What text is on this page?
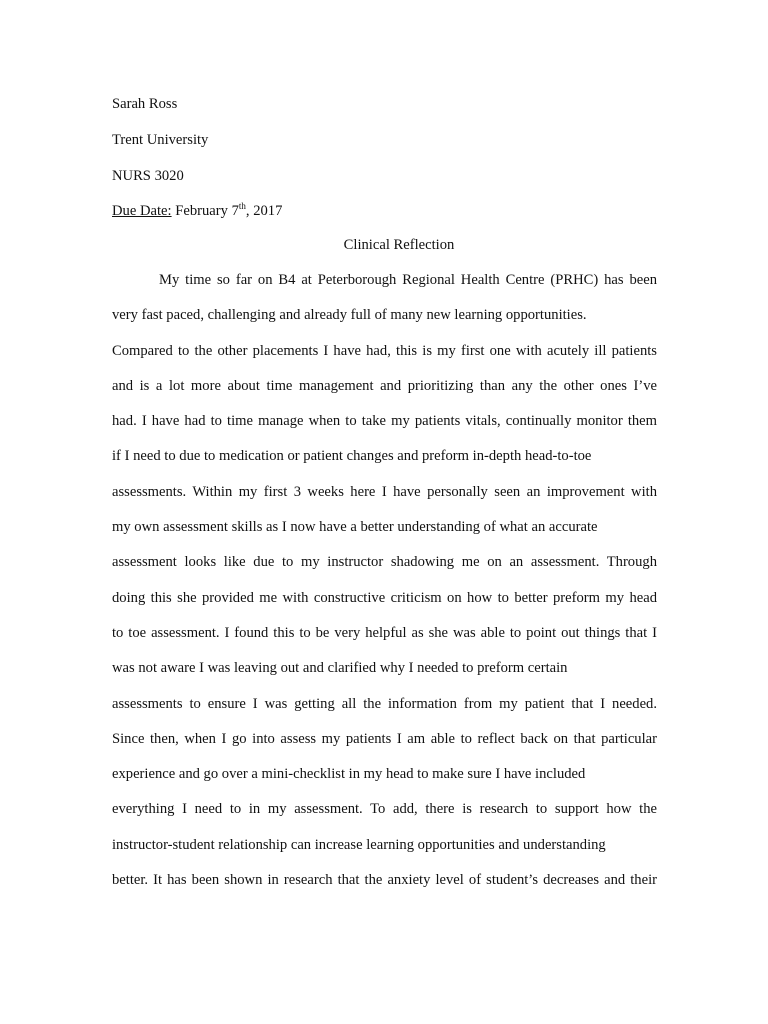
Sarah Ross
Trent University
NURS 3020
Due Date: February 7th, 2017
Clinical Reflection
My time so far on B4 at Peterborough Regional Health Centre (PRHC) has been
very fast paced, challenging and already full of many new learning opportunities.
Compared to the other placements I have had, this is my first one with acutely ill patients
and is a lot more about time management and prioritizing than any the other ones I’ve
had. I have had to time manage when to take my patients vitals, continually monitor them
if I need to due to medication or patient changes and preform in-depth head-to-toe
assessments. Within my first 3 weeks here I have personally seen an improvement with
my own assessment skills as I now have a better understanding of what an accurate
assessment looks like due to my instructor shadowing me on an assessment. Through
doing this she provided me with constructive criticism on how to better preform my head
to toe assessment. I found this to be very helpful as she was able to point out things that I
was not aware I was leaving out and clarified why I needed to preform certain
assessments to ensure I was getting all the information from my patient that I needed.
Since then, when I go into assess my patients I am able to reflect back on that particular
experience and go over a mini-checklist in my head to make sure I have included
everything I need to in my assessment. To add, there is research to support how the
instructor-student relationship can increase learning opportunities and understanding
better. It has been shown in research that the anxiety level of student’s decreases and their
